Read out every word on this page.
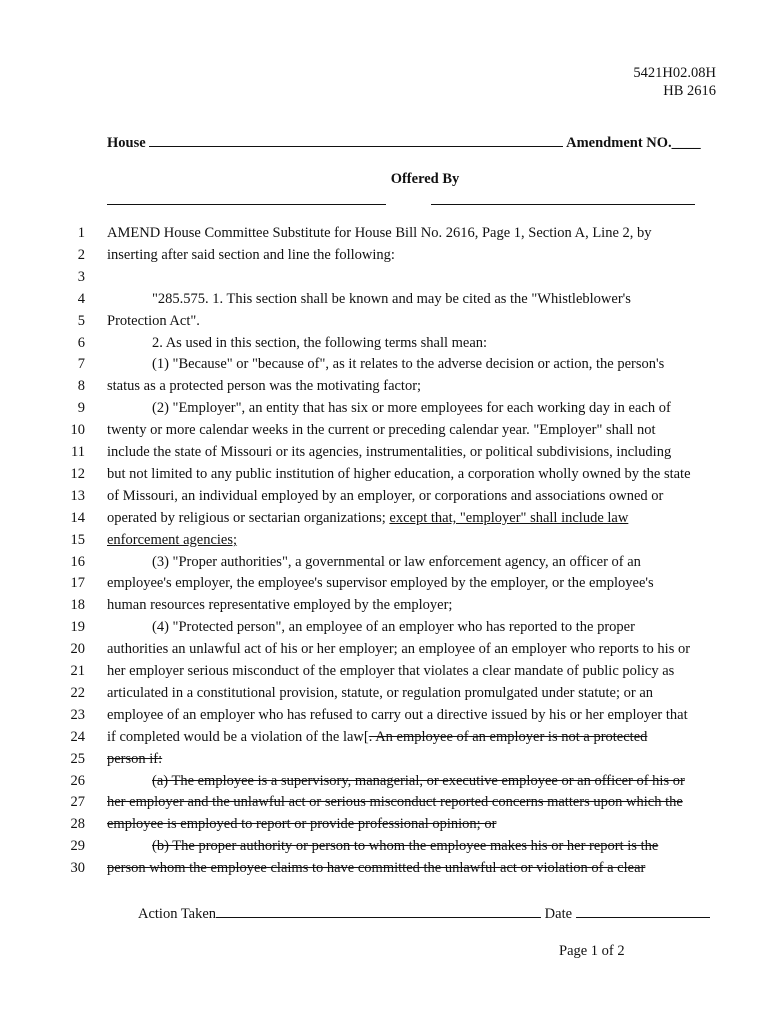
5421H02.08H
HB 2616
House	Amendment NO.____
Offered By
1 AMEND House Committee Substitute for House Bill No. 2616, Page 1, Section A, Line 2, by
2 inserting after said section and line the following:
3
4	"285.575. 1. This section shall be known and may be cited as the "Whistleblower's
5 Protection Act".
6	2. As used in this section, the following terms shall mean:
7	(1) "Because" or "because of", as it relates to the adverse decision or action, the person's
8 status as a protected person was the motivating factor;
9	(2) "Employer", an entity that has six or more employees for each working day in each of
10 twenty or more calendar weeks in the current or preceding calendar year. "Employer" shall not
11 include the state of Missouri or its agencies, instrumentalities, or political subdivisions, including
12 but not limited to any public institution of higher education, a corporation wholly owned by the state
13 of Missouri, an individual employed by an employer, or corporations and associations owned or
14 operated by religious or sectarian organizations; except that, "employer" shall include law
15 enforcement agencies;
16	(3) "Proper authorities", a governmental or law enforcement agency, an officer of an
17 employee's employer, the employee's supervisor employed by the employer, or the employee's
18 human resources representative employed by the employer;
19	(4) "Protected person", an employee of an employer who has reported to the proper
20 authorities an unlawful act of his or her employer; an employee of an employer who reports to his or
21 her employer serious misconduct of the employer that violates a clear mandate of public policy as
22 articulated in a constitutional provision, statute, or regulation promulgated under statute; or an
23 employee of an employer who has refused to carry out a directive issued by his or her employer that
24 if completed would be a violation of the law[. An employee of an employer is not a protected
25 person if:
26	(a) The employee is a supervisory, managerial, or executive employee or an officer of his or
27 her employer and the unlawful act or serious misconduct reported concerns matters upon which the
28 employee is employed to report or provide professional opinion; or
29	(b) The proper authority or person to whom the employee makes his or her report is the
30 person whom the employee claims to have committed the unlawful act or violation of a clear
Action Taken	Date
Page 1 of 2
